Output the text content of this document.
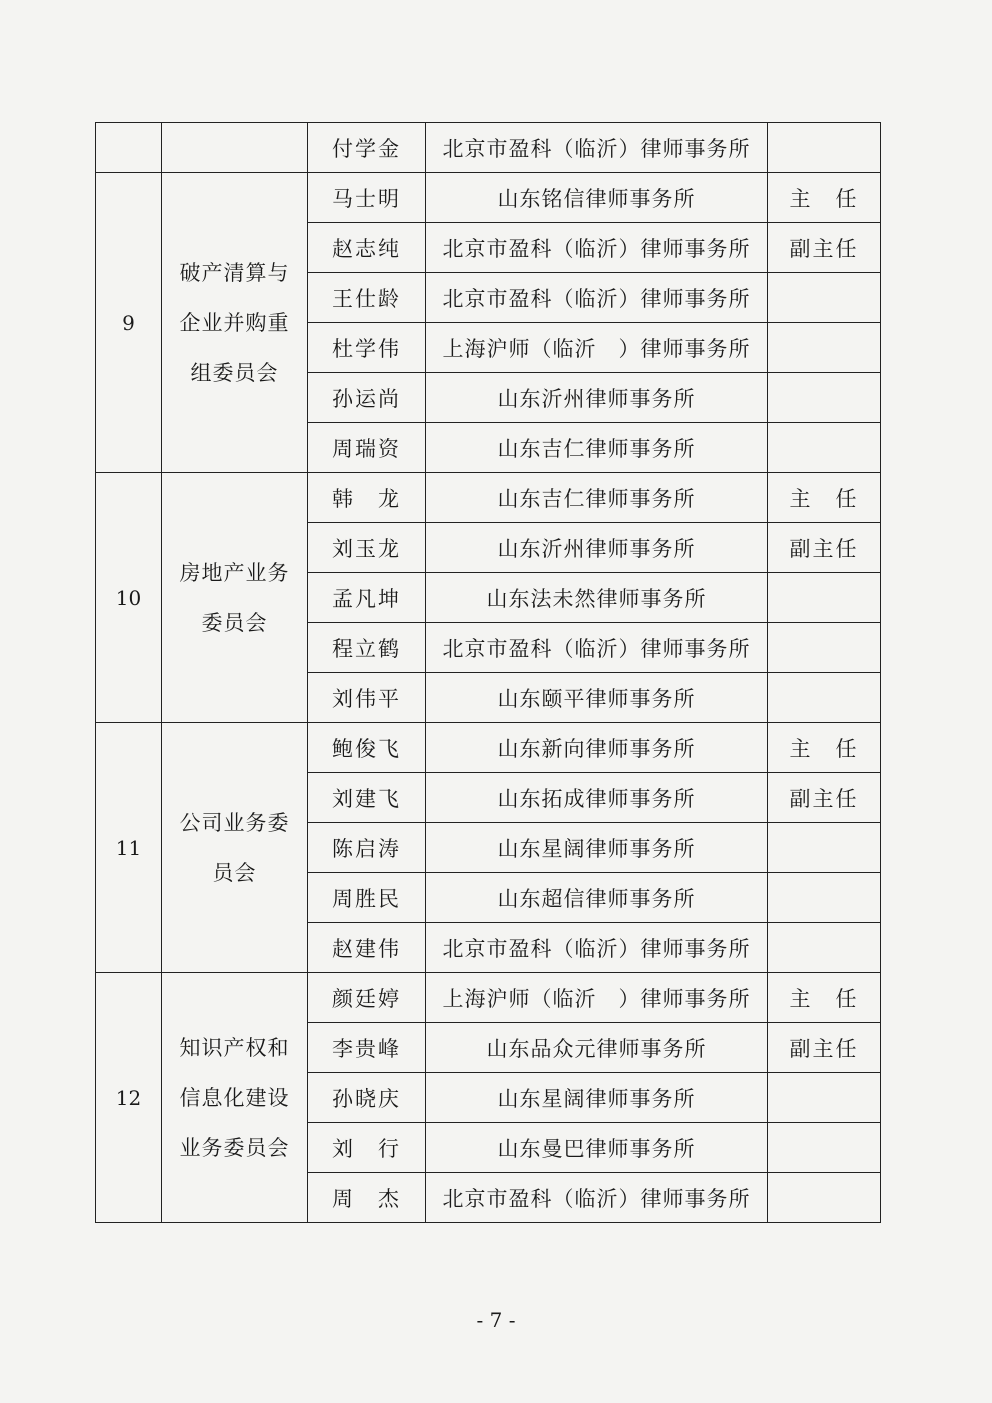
		付学金	北京市盈科（临沂）律师事务所	
9	破产清算与企业并购重组委员会	马士明	山东铭信律师事务所	主　任
		赵志纯	北京市盈科（临沂）律师事务所	副主任
		王仕龄	北京市盈科（临沂）律师事务所	
		杜学伟	上海沪师（临沂　）律师事务所	
		孙运尚	山东沂州律师事务所	
		周瑞资	山东吉仁律师事务所	
10	房地产业务委员会	韩　龙	山东吉仁律师事务所	主　任
		刘玉龙	山东沂州律师事务所	副主任
		孟凡坤	山东法未然律师事务所	
		程立鹤	北京市盈科（临沂）律师事务所	
		刘伟平	山东颐平律师事务所	
11	公司业务委员会	鲍俊飞	山东新向律师事务所	主　任
		刘建飞	山东拓成律师事务所	副主任
		陈启涛	山东星阔律师事务所	
		周胜民	山东超信律师事务所	
		赵建伟	北京市盈科（临沂）律师事务所	
12	知识产权和信息化建设业务委员会	颜廷婷	上海沪师（临沂　）律师事务所	主　任
		李贵峰	山东品众元律师事务所	副主任
		孙晓庆	山东星阔律师事务所	
		刘　行	山东曼巴律师事务所	
		周　杰	北京市盈科（临沂）律师事务所	
- 7 -
